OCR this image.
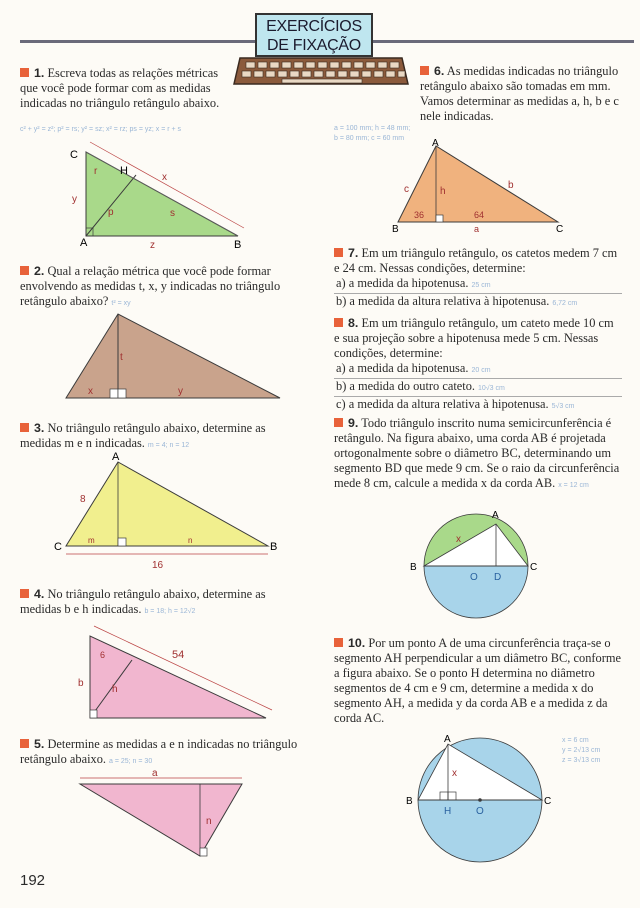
EXERCÍCIOS
DE FIXAÇÃO
1. Escreva todas as relações métricas que você pode formar com as medidas indicadas no triângulo retângulo abaixo.
c² + y² = z²; p² = rs; y² = sz; x² = rz; ps = yz; x = r + s
C
H
A	B
r
x
y
p	s
z
2. Qual a relação métrica que você pode formar envolvendo as medidas t, x, y indicadas no triângulo retângulo abaixo? t² = xy
t
x	y
3. No triângulo retângulo abaixo, determine as medidas m e n indicadas. m = 4; n = 12
A
C	B
8
16
m	n
4. No triângulo retângulo abaixo, determine as medidas b e h indicadas. b = 18; h = 12√2
54
b
h
6
5. Determine as medidas a e n indicadas no triângulo retângulo abaixo. a = 25; n = 30
a
n
6. As medidas indicadas no triângulo retângulo abaixo são tomadas em mm. Vamos determinar as medidas a, h, b e c nele indicadas.
a = 100 mm; h = 48 mm;
b = 80 mm; c = 60 mm	A
B	C
c	b
h
36	64
a
7. Em um triângulo retângulo, os catetos medem 7 cm e 24 cm. Nessas condições, determine:
a) a medida da hipotenusa. 25 cm
b) a medida da altura relativa à hipotenusa. 6,72 cm
8. Em um triângulo retângulo, um cateto mede 10 cm e sua projeção sobre a hipotenusa mede 5 cm. Nessas condições, determine:
a) a medida da hipotenusa. 20 cm
b) a medida do outro cateto. 10√3 cm
c) a medida da altura relativa à hipotenusa. 5√3 cm
9. Todo triângulo inscrito numa semicircunferência é retângulo. Na figura abaixo, uma corda AB é projetada ortogonalmente sobre o diâmetro BC, determinando um segmento BD que mede 9 cm. Se o raio da circunferência mede 8 cm, calcule a medida x da corda AB. x = 12 cm
A
B	C
O D
x
10. Por um ponto A de uma circunferência traça-se o segmento AH perpendicular a um diâmetro BC, conforme a figura abaixo. Se o ponto H determina no diâmetro segmentos de 4 cm e 9 cm, determine a medida x do segmento AH, a medida y da corda AB e a medida z da corda AC.
A
B	C
H O
x
x = 6 cm
y = 2√13 cm
z = 3√13 cm
192
